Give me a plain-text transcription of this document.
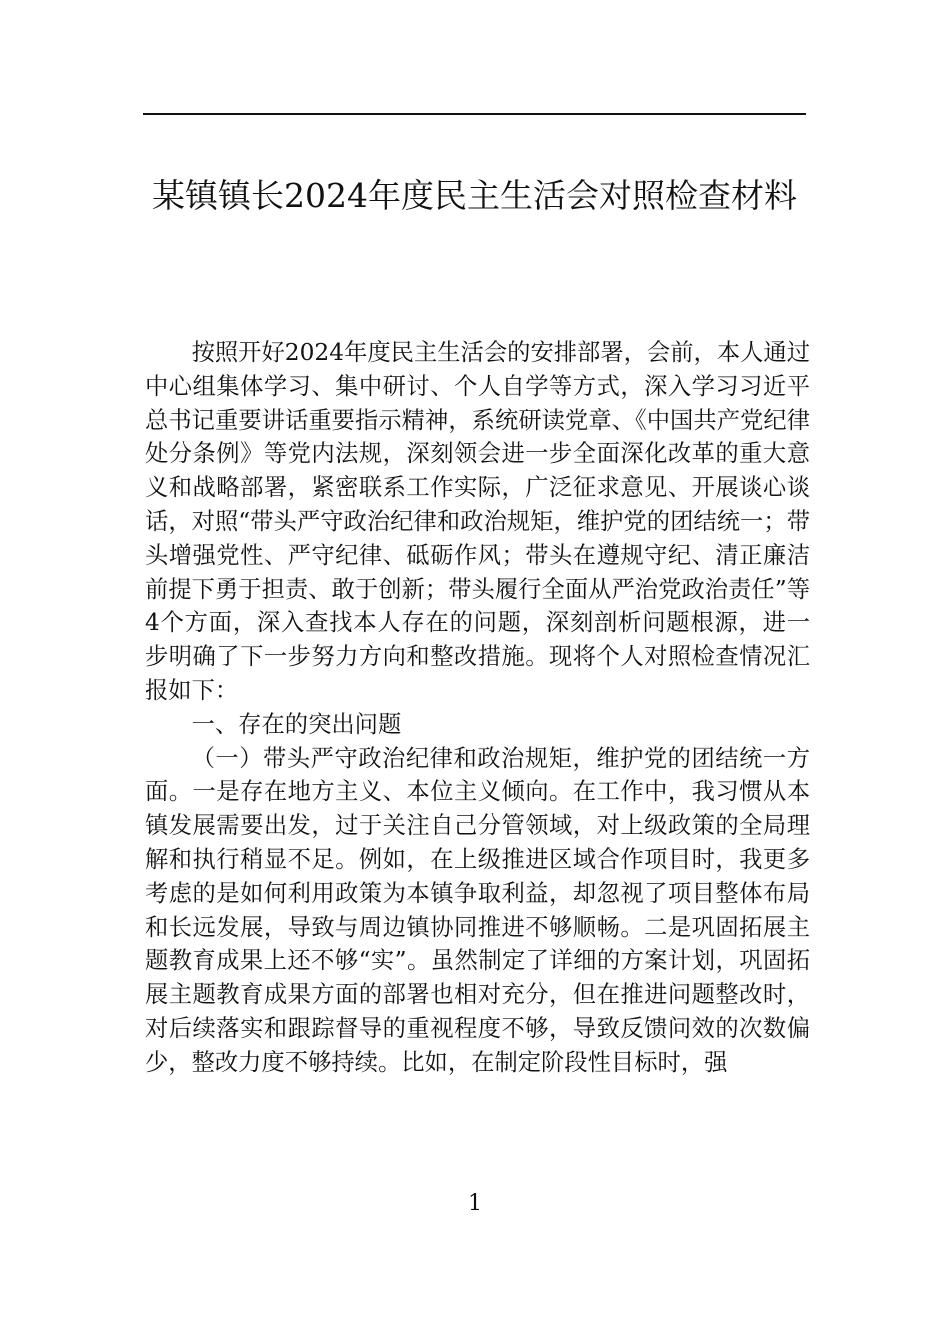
某镇镇长2024年度民主生活会对照检查材料

按照开好2024年度民主生活会的安排部署，会前，本人通过中心组集体学习、集中研讨、个人自学等方式，深入学习习近平总书记重要讲话重要指示精神，系统研读党章、《中国共产党纪律处分条例》等党内法规，深刻领会进一步全面深化改革的重大意义和战略部署，紧密联系工作实际，广泛征求意见、开展谈心谈话，对照“带头严守政治纪律和政治规矩，维护党的团结统一；带头增强党性、严守纪律、砥砺作风；带头在遵规守纪、清正廉洁前提下勇于担责、敢于创新；带头履行全面从严治党政治责任”等4个方面，深入查找本人存在的问题，深刻剖析问题根源，进一步明确了下一步努力方向和整改措施。现将个人对照检查情况汇报如下：

一、存在的突出问题

（一）带头严守政治纪律和政治规矩，维护党的团结统一方面。一是存在地方主义、本位主义倾向。在工作中，我习惯从本镇发展需要出发，过于关注自己分管领域，对上级政策的全局理解和执行稍显不足。例如，在上级推进区域合作项目时，我更多考虑的是如何利用政策为本镇争取利益，却忽视了项目整体布局和长远发展，导致与周边镇协同推进不够顺畅。二是巩固拓展主题教育成果上还不够“实”。虽然制定了详细的方案计划，巩固拓展主题教育成果方面的部署也相对充分，但在推进问题整改时，对后续落实和跟踪督导的重视程度不够，导致反馈问效的次数偏少，整改力度不够持续。比如，在制定阶段性目标时，强

1
